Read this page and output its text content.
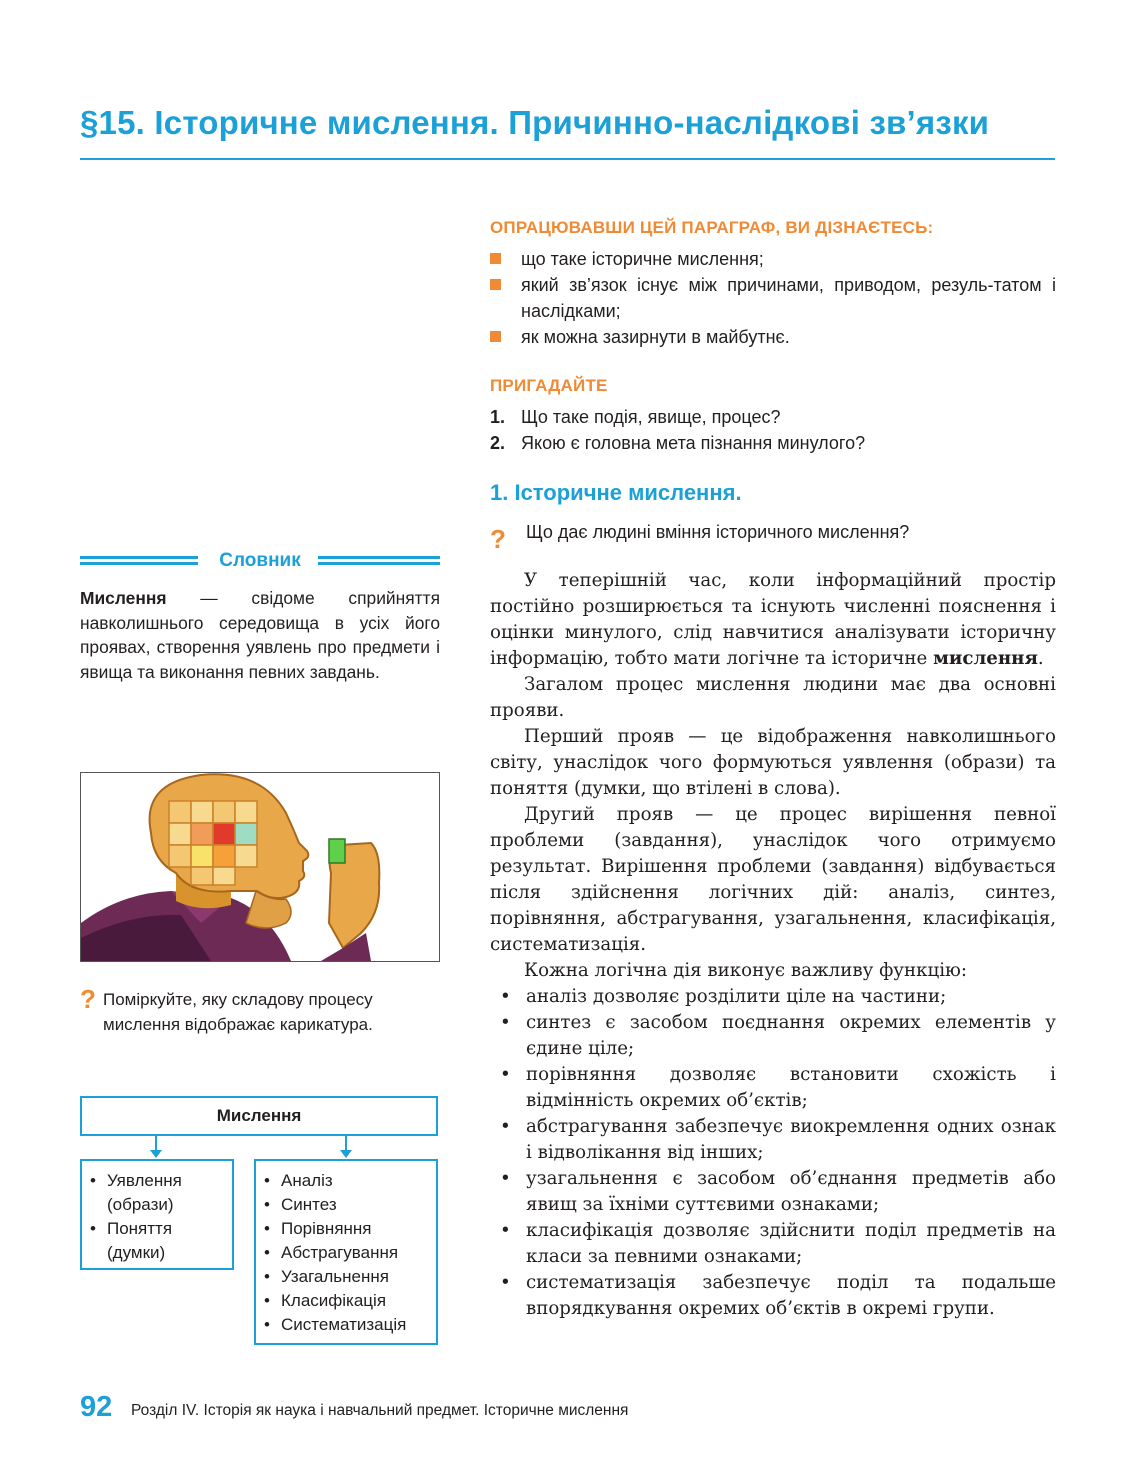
§15. Історичне мислення. Причинно-наслідкові зв’язки
ОПРАЦЮВАВШИ ЦЕЙ ПАРАГРАФ, ВИ ДІЗНАЄТЕСЬ:
що таке історичне мислення;
який зв’язок існує між причинами, приводом, резуль-татом і наслідками;
як можна зазирнути в майбутнє.
ПРИГАДАЙТЕ
1. Що таке подія, явище, процес?
2. Якою є головна мета пізнання минулого?
1. Історичне мислення.
? Що дає людині вміння історичного мислення?

У теперішній час, коли інформаційний простір постійно розширюється та існують численні пояснення і оцінки минулого, слід навчитися аналізувати історичну інформацію, тобто мати логічне та історичне мислення.

Загалом процес мислення людини має два основні прояви.

Перший прояв — це відображення навколишнього світу, унаслідок чого формуються уявлення (образи) та поняття (думки, що втілені в слова).

Другий прояв — це процес вирішення певної проблеми (завдання), унаслідок чого отримуємо результат. Вирішення проблеми (завдання) відбувається після здійснення логічних дій: аналіз, синтез, порівняння, абстрагування, узагальнення, класифікація, систематизація.

Кожна логічна дія виконує важливу функцію:

• аналіз дозволяє розділити ціле на частини;
• синтез є засобом поєднання окремих елементів у єдине ціле;
• порівняння дозволяє встановити схожість і відмінність окремих об’єктів;
• абстрагування забезпечує виокремлення одних ознак і відволікання від інших;
• узагальнення є засобом об’єднання предметів або явищ за їхніми суттєвими ознаками;
• класифікація дозволяє здійснити поділ предметів на класи за певними ознаками;
• систематизація забезпечує поділ та подальше впорядкування окремих об’єктів в окремі групи.
Словник
Мислення — свідоме сприйняття навколишнього середовища в усіх його проявах, створення уявлень про предмети і явища та виконання певних завдань.
? Поміркуйте, яку складову процесу мислення відображає карикатура.
Мислення
• Уявлення (образи)
• Поняття (думки)
• Аналіз
• Синтез
• Порівняння
• Абстрагування
• Узагальнення
• Класифікація
• Систематизація
92 Розділ IV. Історія як наука і навчальний предмет. Історичне мислення
